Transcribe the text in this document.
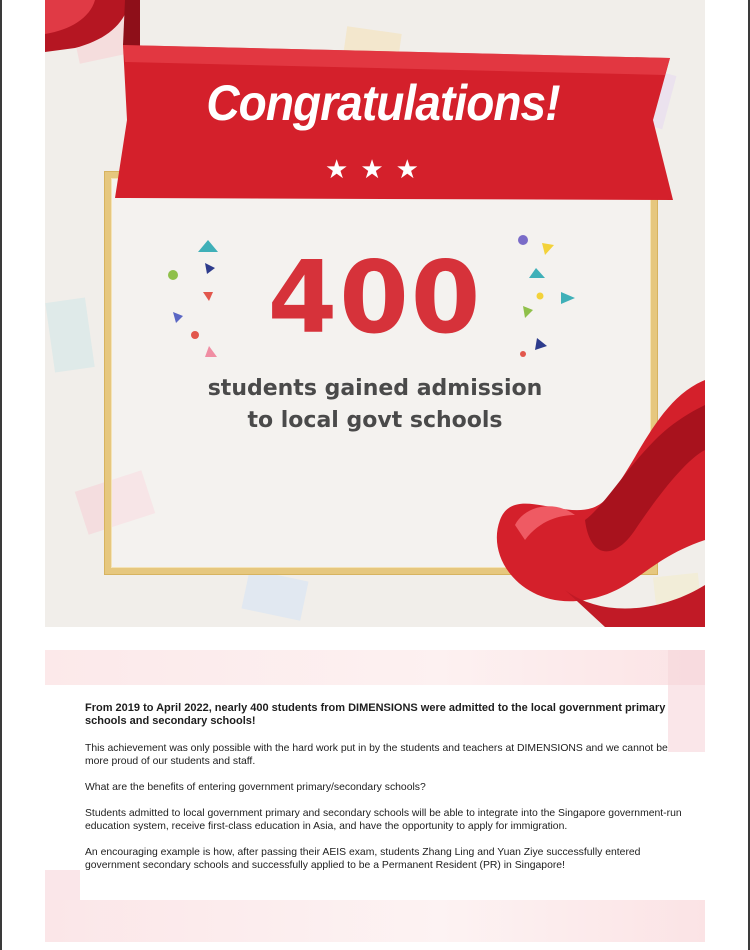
Congratulations!
★★★
400
students gained admission
to local govt schools

From 2019 to April 2022, nearly 400 students from DIMENSIONS were admitted to the local government primary schools and secondary schools!

This achievement was only possible with the hard work put in by the students and teachers at DIMENSIONS and we cannot be more proud of our students and staff.

What are the benefits of entering government primary/secondary schools?

Students admitted to local government primary and secondary schools will be able to integrate into the Singapore government-run education system, receive first-class education in Asia, and have the opportunity to apply for immigration.

An encouraging example is how, after passing their AEIS exam, students Zhang Ling and Yuan Ziye successfully entered government secondary schools and successfully applied to be a Permanent Resident (PR) in Singapore!
